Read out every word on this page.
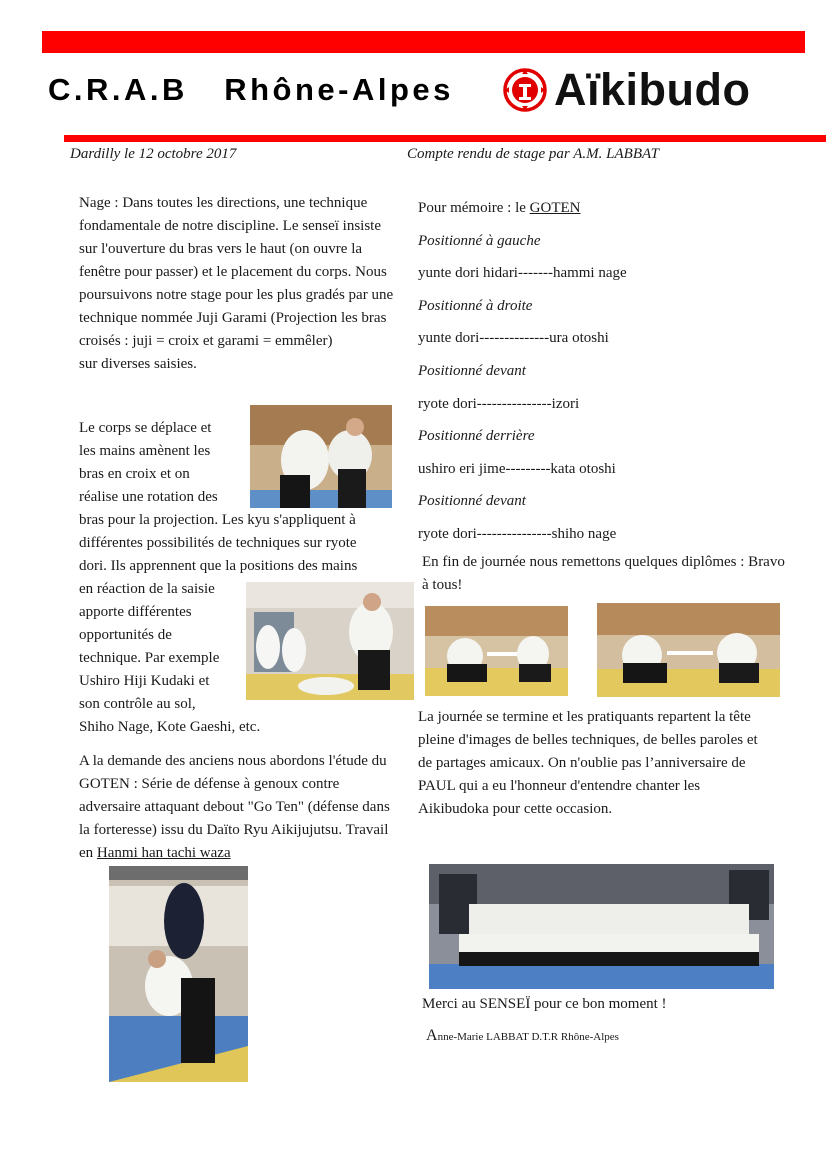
C.R.A.B   Rhône-Alpes Aïkibudo
Dardilly le 12 octobre 2017	Compte rendu de stage par A.M. LABBAT

Nage : Dans toutes les directions, une technique fondamentale de notre discipline. Le senseï insiste sur l'ouverture du bras vers le haut (on ouvre la fenêtre pour passer) et le placement du corps. Nous poursuivons notre stage pour les plus gradés par une technique nommée Juji Garami (Projection les bras croisés : juji = croix et garami = emmêler)

sur diverses saisies.

Le corps se déplace et
les mains amènent les
bras en croix et on
réalise une rotation des
bras pour la projection. Les kyu s'appliquent à
différentes possibilités de techniques sur ryote
dori. Ils apprennent que la positions des mains
en réaction de la saisie
apporte différentes
opportunités de
technique. Par exemple
Ushiro Hiji Kudaki et
son contrôle au sol,
Shiho Nage, Kote Gaeshi, etc.
A la demande des anciens nous abordons l'étude du GOTEN : Série de défense à genoux contre adversaire attaquant debout "Go Ten" (défense dans la forteresse) issu du Daïto Ryu Aikijujutsu. Travail en Hanmi han tachi waza
Pour mémoire : le GOTEN
Positionné à gauche
yunte dori hidari-------hammi nage
Positionné à droite
yunte dori--------------ura otoshi
Positionné devant
ryote dori---------------izori
Positionné derrière
ushiro eri jime---------kata otoshi
Positionné devant
ryote dori---------------shiho nage
En fin de journée nous remettons quelques diplômes : Bravo à tous!
La journée se termine et les pratiquants repartent la tête pleine d'images de belles techniques, de belles paroles et de partages amicaux. On n'oublie pas l’anniversaire de PAUL qui a eu l'honneur d'entendre chanter les Aikibudoka pour cette occasion.
Merci au SENSEÏ pour ce bon moment !
Anne-Marie LABBAT D.T.R Rhône-Alpes
